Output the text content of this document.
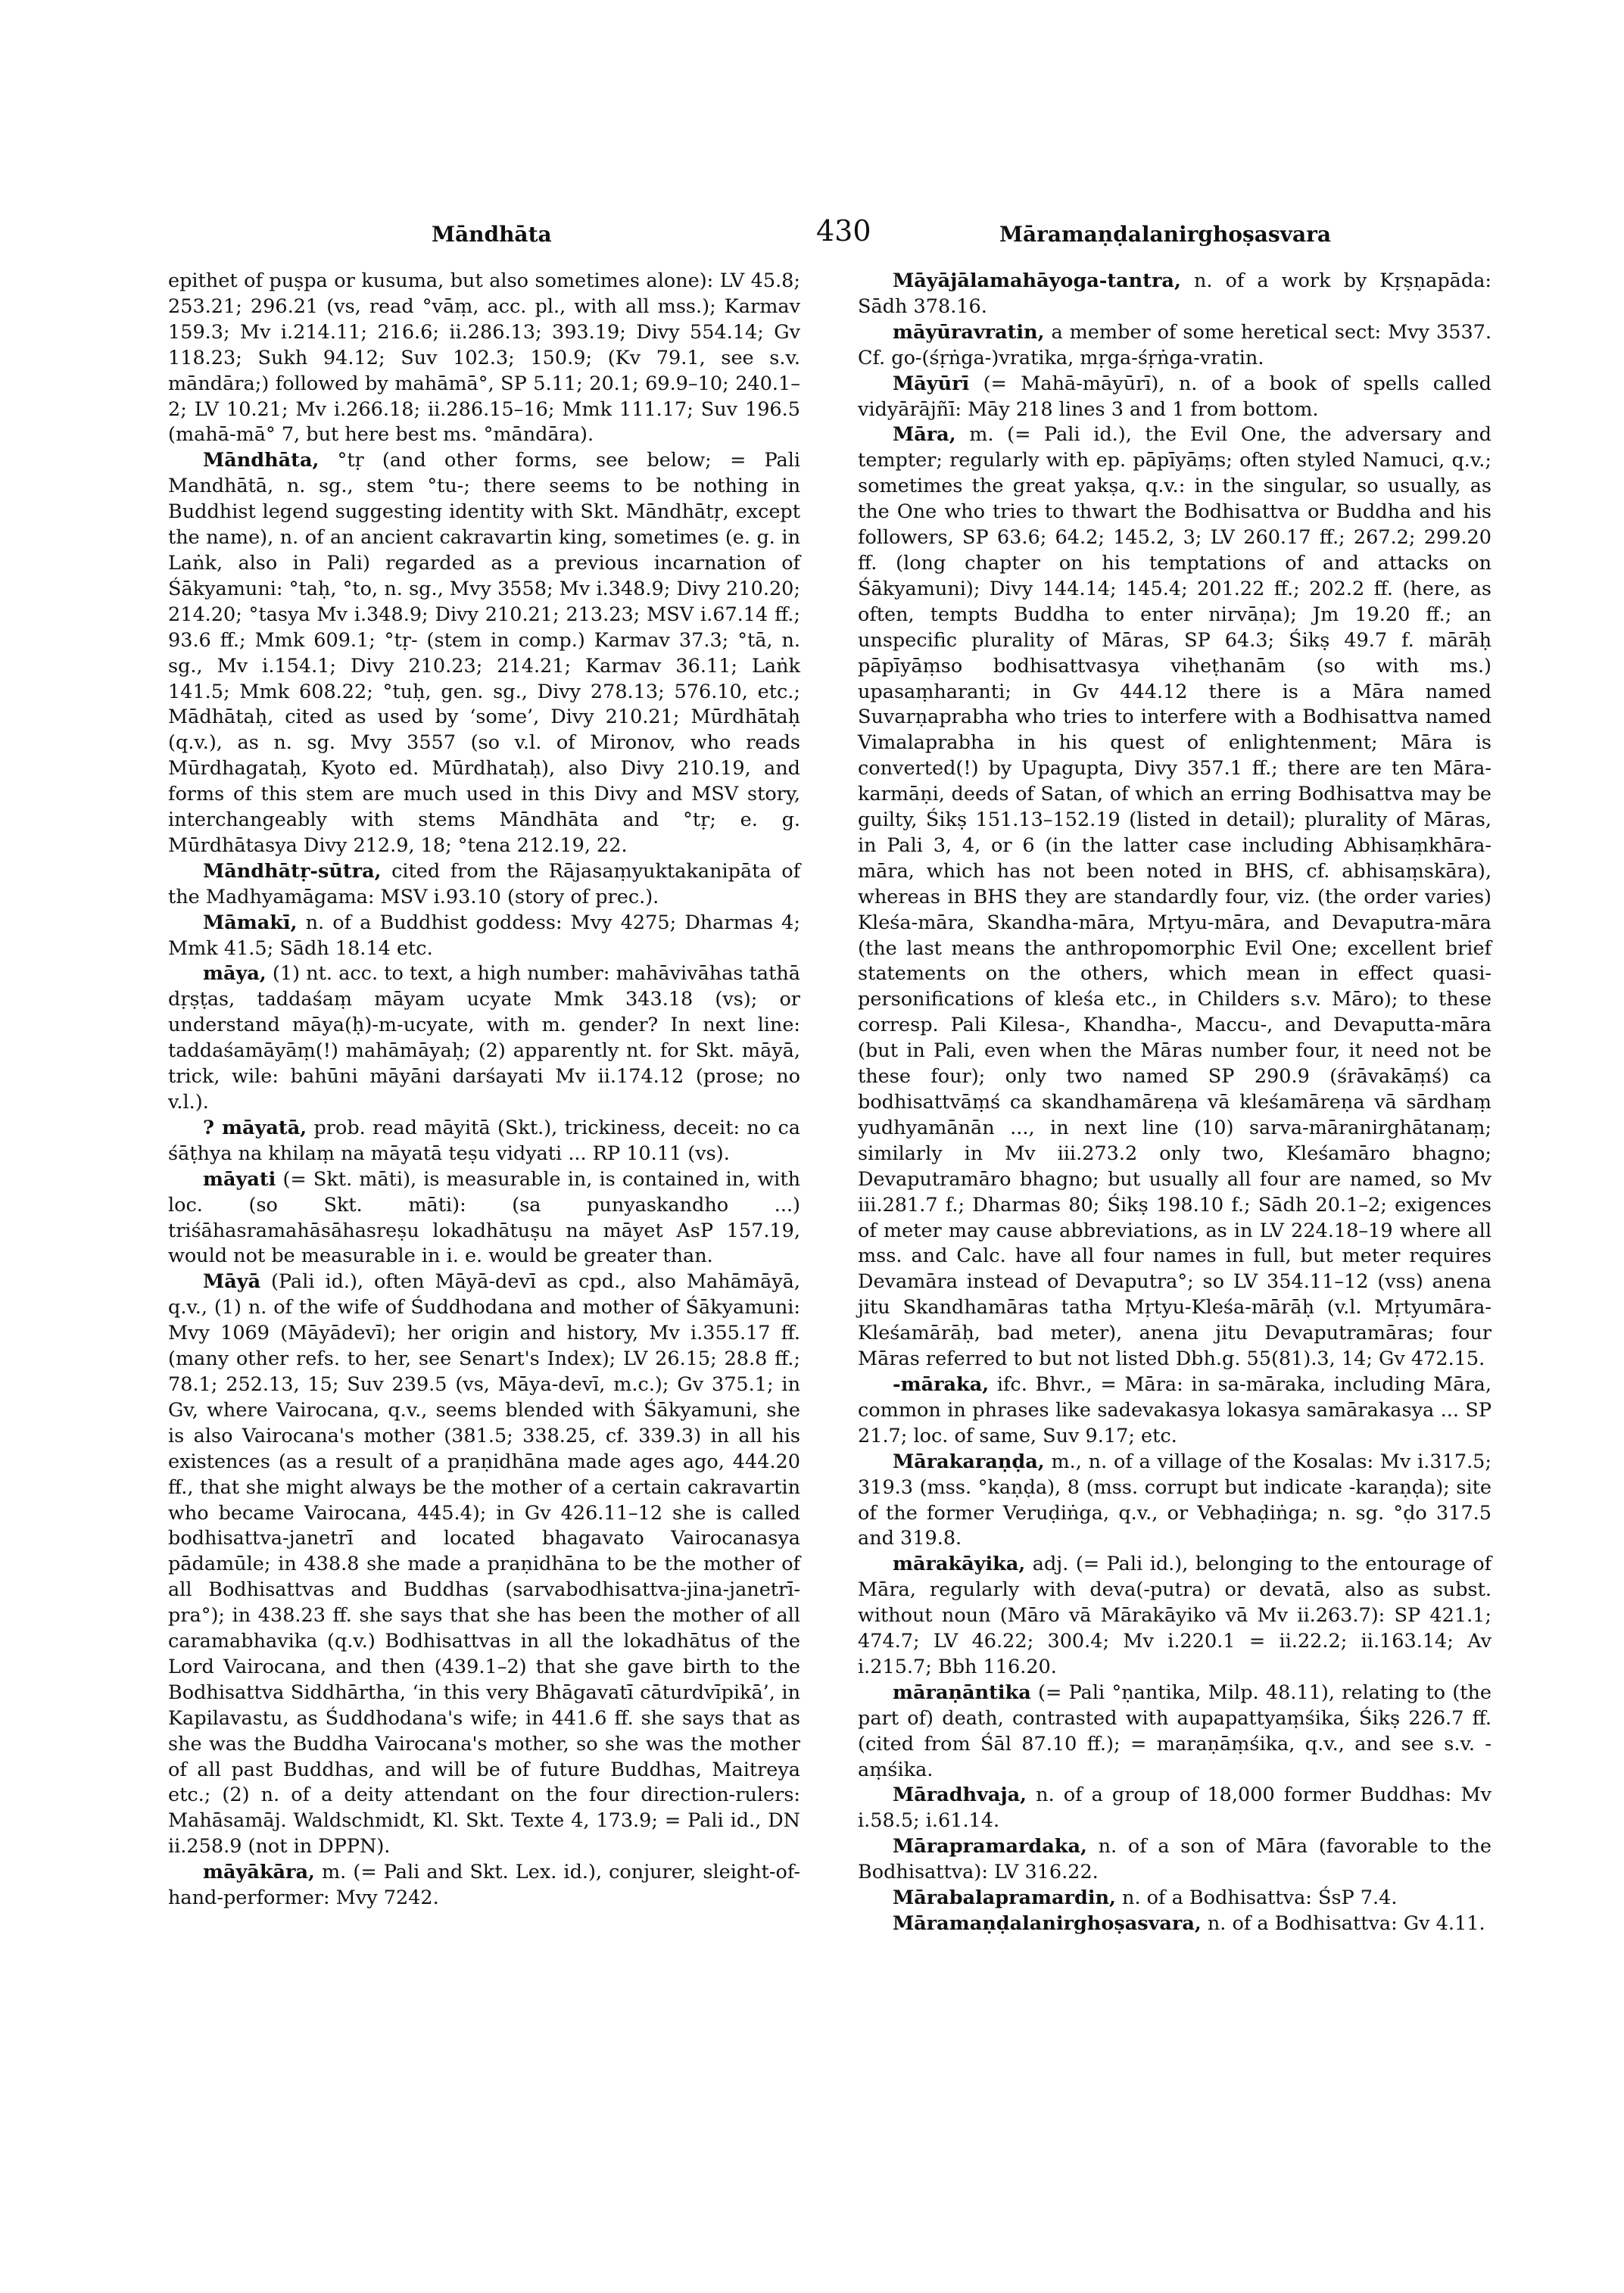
Māndhāta	430	Māramaṇḍalanirghoṣasvara

epithet of puṣpa or kusuma, but also sometimes alone): LV 45.8; 253.21; 296.21 (vs, read °vāṃ, acc. pl., with all mss.); Karmav 159.3; Mv i.214.11; 216.6; ii.286.13; 393.19; Divy 554.14; Gv 118.23; Sukh 94.12; Suv 102.3; 150.9; (Kv 79.1, see s.v. māndāra;) followed by mahāmā°, SP 5.11; 20.1; 69.9–10; 240.1–2; LV 10.21; Mv i.266.18; ii.286.15–16; Mmk 111.17; Suv 196.5 (mahā-mā° 7, but here best ms. °māndāra).

Māndhāta, °tṛ (and other forms, see below; = Pali Mandhātā, n. sg., stem °tu-; there seems to be nothing in Buddhist legend suggesting identity with Skt. Māndhātṛ, except the name), n. of an ancient cakravartin king, sometimes (e. g. in Laṅk, also in Pali) regarded as a previous incarnation of Śākyamuni: °taḥ, °to, n. sg., Mvy 3558; Mv i.348.9; Divy 210.20; 214.20; °tasya Mv i.348.9; Divy 210.21; 213.23; MSV i.67.14 ff.; 93.6 ff.; Mmk 609.1; °tṛ- (stem in comp.) Karmav 37.3; °tā, n. sg., Mv i.154.1; Divy 210.23; 214.21; Karmav 36.11; Laṅk 141.5; Mmk 608.22; °tuḥ, gen. sg., Divy 278.13; 576.10, etc.; Mādhātaḥ, cited as used by ‘some’, Divy 210.21; Mūrdhātaḥ (q.v.), as n. sg. Mvy 3557 (so v.l. of Mironov, who reads Mūrdhagataḥ, Kyoto ed. Mūrdhataḥ), also Divy 210.19, and forms of this stem are much used in this Divy and MSV story, interchangeably with stems Māndhāta and °tṛ; e. g. Mūrdhātasya Divy 212.9, 18; °tena 212.19, 22.

Māndhātṛ-sūtra, cited from the Rājasaṃyuktakanipāta of the Madhyamāgama: MSV i.93.10 (story of prec.).

Māmakī, n. of a Buddhist goddess: Mvy 4275; Dharmas 4; Mmk 41.5; Sādh 18.14 etc.

māya, (1) nt. acc. to text, a high number: mahāvivāhas tathā dṛṣṭas, taddaśaṃ māyam ucyate Mmk 343.18 (vs); or understand māya(ḥ)-m-ucyate, with m. gender? In next line: taddaśamāyāṃ(!) mahāmāyaḥ; (2) apparently nt. for Skt. māyā, trick, wile: bahūni māyāni darśayati Mv ii.174.12 (prose; no v.l.).

? māyatā, prob. read māyitā (Skt.), trickiness, deceit: no ca śāṭhya na khilaṃ na māyatā teṣu vidyati ... RP 10.11 (vs).

māyati (= Skt. māti), is measurable in, is contained in, with loc. (so Skt. māti): (sa punyaskandho ...) triśāhasramahāsāhasreṣu lokadhātuṣu na māyet AsP 157.19, would not be measurable in i. e. would be greater than.

Māyā (Pali id.), often Māyā-devī as cpd., also Mahāmāyā, q.v., (1) n. of the wife of Śuddhodana and mother of Śākyamuni: Mvy 1069 (Māyādevī); her origin and history, Mv i.355.17 ff. (many other refs. to her, see Senart's Index); LV 26.15; 28.8 ff.; 78.1; 252.13, 15; Suv 239.5 (vs, Māya-devī, m.c.); Gv 375.1; in Gv, where Vairocana, q.v., seems blended with Śākyamuni, she is also Vairocana's mother (381.5; 338.25, cf. 339.3) in all his existences (as a result of a praṇidhāna made ages ago, 444.20 ff., that she might always be the mother of a certain cakravartin who became Vairocana, 445.4); in Gv 426.11–12 she is called bodhisattva-janetrī and located bhagavato Vairocanasya pādamūle; in 438.8 she made a praṇidhāna to be the mother of all Bodhisattvas and Buddhas (sarvabodhisattva-jina-janetrī-pra°); in 438.23 ff. she says that she has been the mother of all caramabhavika (q.v.) Bodhisattvas in all the lokadhātus of the Lord Vairocana, and then (439.1–2) that she gave birth to the Bodhisattva Siddhārtha, ‘in this very Bhāgavatī cāturdvīpikā’, in Kapilavastu, as Śuddhodana's wife; in 441.6 ff. she says that as she was the Buddha Vairocana's mother, so she was the mother of all past Buddhas, and will be of future Buddhas, Maitreya etc.; (2) n. of a deity attendant on the four direction-rulers: Mahāsamāj. Waldschmidt, Kl. Skt. Texte 4, 173.9; = Pali id., DN ii.258.9 (not in DPPN).

māyākāra, m. (= Pali and Skt. Lex. id.), conjurer, sleight-of-hand-performer: Mvy 7242.

Māyājālamahāyoga-tantra, n. of a work by Kṛṣṇapāda: Sādh 378.16.

māyūravratin, a member of some heretical sect: Mvy 3537. Cf. go-(śṛṅga-)vratika, mṛga-śṛṅga-vratin.

Māyūrī (= Mahā-māyūrī), n. of a book of spells called vidyārājñī: Māy 218 lines 3 and 1 from bottom.

Māra, m. (= Pali id.), the Evil One, the adversary and tempter; regularly with ep. pāpīyāṃs; often styled Namuci, q.v.; sometimes the great yakṣa, q.v.: in the singular, so usually, as the One who tries to thwart the Bodhisattva or Buddha and his followers, SP 63.6; 64.2; 145.2, 3; LV 260.17 ff.; 267.2; 299.20 ff. (long chapter on his temptations of and attacks on Śākyamuni); Divy 144.14; 145.4; 201.22 ff.; 202.2 ff. (here, as often, tempts Buddha to enter nirvāṇa); Jm 19.20 ff.; an unspecific plurality of Māras, SP 64.3; Śikṣ 49.7 f. mārāḥ pāpīyāṃso bodhisattvasya viheṭhanām (so with ms.) upasaṃharanti; in Gv 444.12 there is a Māra named Suvarṇaprabha who tries to interfere with a Bodhisattva named Vimalaprabha in his quest of enlightenment; Māra is converted(!) by Upagupta, Divy 357.1 ff.; there are ten Māra-karmāṇi, deeds of Satan, of which an erring Bodhisattva may be guilty, Śikṣ 151.13–152.19 (listed in detail); plurality of Māras, in Pali 3, 4, or 6 (in the latter case including Abhisaṃkhāra-māra, which has not been noted in BHS, cf. abhisaṃskāra), whereas in BHS they are standardly four, viz. (the order varies) Kleśa-māra, Skandha-māra, Mṛtyu-māra, and Devaputra-māra (the last means the anthropomorphic Evil One; excellent brief statements on the others, which mean in effect quasi-personifications of kleśa etc., in Childers s.v. Māro); to these corresp. Pali Kilesa-, Khandha-, Maccu-, and Devaputta-māra (but in Pali, even when the Māras number four, it need not be these four); only two named SP 290.9 (śrāvakāṃś) ca bodhisattvāṃś ca skandhamāreṇa vā kleśamāreṇa vā sārdhaṃ yudhyamānān ..., in next line (10) sarva-māranirghātanaṃ; similarly in Mv iii.273.2 only two, Kleśamāro bhagno; Devaputramāro bhagno; but usually all four are named, so Mv iii.281.7 f.; Dharmas 80; Śikṣ 198.10 f.; Sādh 20.1–2; exigences of meter may cause abbreviations, as in LV 224.18–19 where all mss. and Calc. have all four names in full, but meter requires Devamāra instead of Devaputra°; so LV 354.11–12 (vss) anena jitu Skandhamāras tatha Mṛtyu-Kleśa-mārāḥ (v.l. Mṛtyumāra-Kleśamārāḥ, bad meter), anena jitu Devaputramāras; four Māras referred to but not listed Dbh.g. 55(81).3, 14; Gv 472.15.

-māraka, ifc. Bhvr., = Māra: in sa-māraka, including Māra, common in phrases like sadevakasya lokasya samārakasya ... SP 21.7; loc. of same, Suv 9.17; etc.

Mārakaraṇḍa, m., n. of a village of the Kosalas: Mv i.317.5; 319.3 (mss. °kaṇḍa), 8 (mss. corrupt but indicate -karaṇḍa); site of the former Veruḍiṅga, q.v., or Vebhaḍiṅga; n. sg. °ḍo 317.5 and 319.8.

mārakāyika, adj. (= Pali id.), belonging to the entourage of Māra, regularly with deva(-putra) or devatā, also as subst. without noun (Māro vā Mārakāyiko vā Mv ii.263.7): SP 421.1; 474.7; LV 46.22; 300.4; Mv i.220.1 = ii.22.2; ii.163.14; Av i.215.7; Bbh 116.20.

māraṇāntika (= Pali °ṇantika, Milp. 48.11), relating to (the part of) death, contrasted with aupapattyaṃśika, Śikṣ 226.7 ff. (cited from Śāl 87.10 ff.); = maraṇāṃśika, q.v., and see s.v. -aṃśika.

Māradhvaja, n. of a group of 18,000 former Buddhas: Mv i.58.5; i.61.14.

Mārapramardaka, n. of a son of Māra (favorable to the Bodhisattva): LV 316.22.

Mārabalapramardin, n. of a Bodhisattva: ŚsP 7.4.

Māramaṇḍalanirghoṣasvara, n. of a Bodhisattva: Gv 4.11.
